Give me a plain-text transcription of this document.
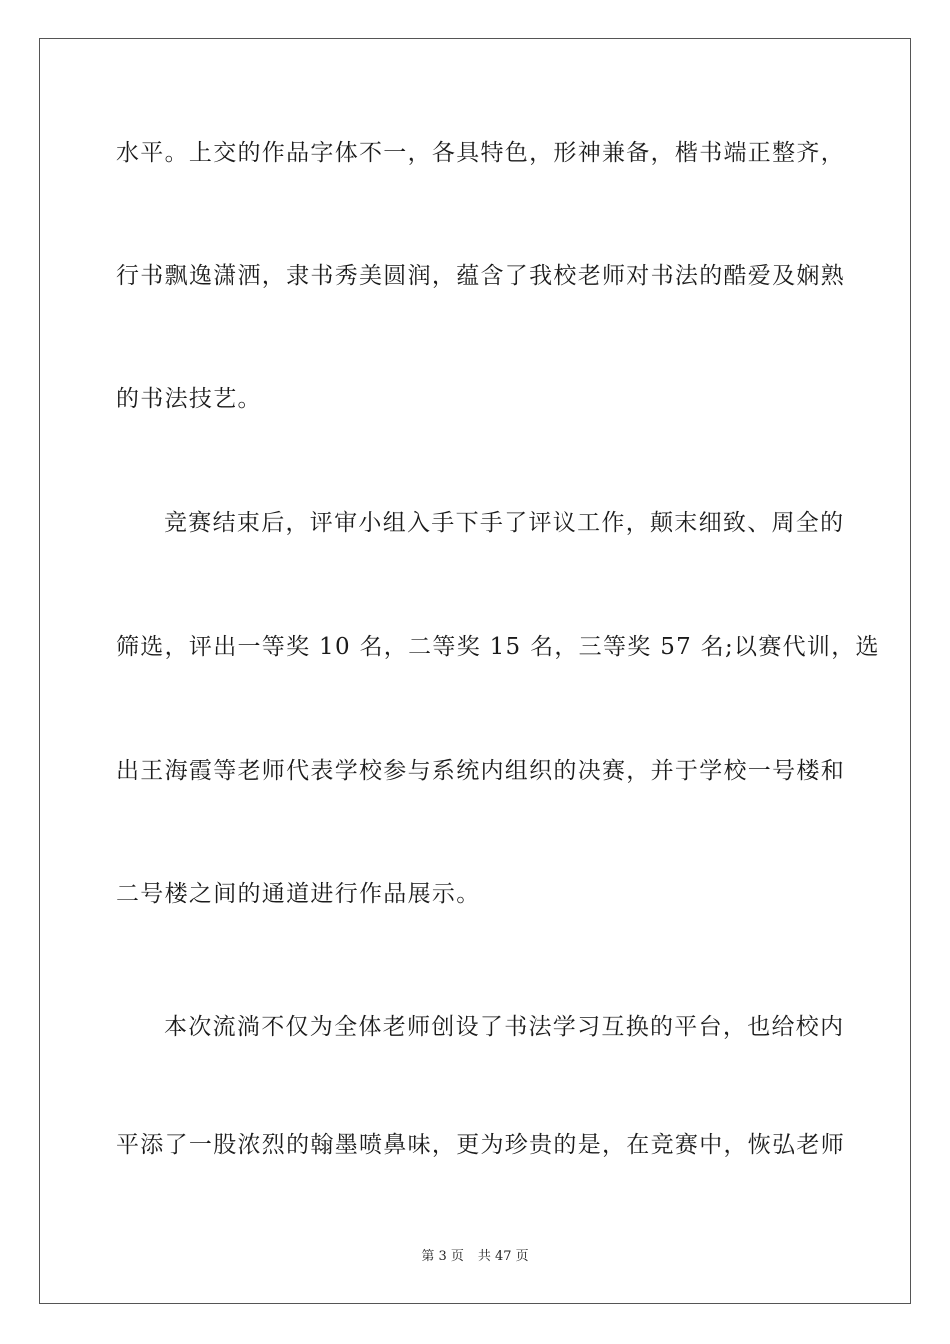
水平。上交的作品字体不一，各具特色，形神兼备，楷书端正整齐，
行书飘逸潇洒，隶书秀美圆润，蕴含了我校老师对书法的酷爱及娴熟
的书法技艺。
竞赛结束后，评审小组入手下手了评议工作，颠末细致、周全的
筛选，评出一等奖 10 名，二等奖 15 名，三等奖 57 名;以赛代训，选
出王海霞等老师代表学校参与系统内组织的决赛，并于学校一号楼和
二号楼之间的通道进行作品展示。
本次流淌不仅为全体老师创设了书法学习互换的平台，也给校内
平添了一股浓烈的翰墨喷鼻味，更为珍贵的是，在竞赛中，恢弘老师
第 3 页 共 47 页
